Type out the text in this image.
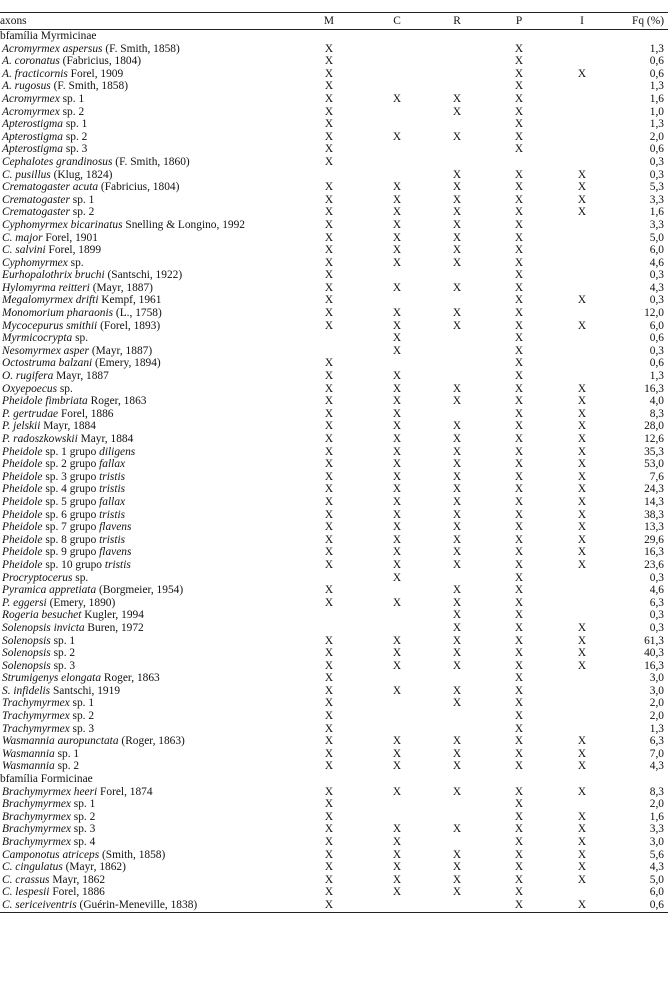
axons	M	C	R	P	I	Fq (%)
bfamília Myrmicinae						
Acromyrmex aspersus (F. Smith, 1858)	X			X		1,3
A. coronatus (Fabricius, 1804)	X			X		0,6
A. fracticornis Forel, 1909	X			X	X	0,6
A. rugosus (F. Smith, 1858)	X			X		1,3
Acromyrmex sp. 1	X	X	X	X		1,6
Acromyrmex sp. 2	X		X	X		1,0
Apterostigma sp. 1	X			X		1,3
Apterostigma sp. 2	X	X	X	X		2,0
Apterostigma sp. 3	X			X		0,6
Cephalotes grandinosus (F. Smith, 1860)	X					0,3
C. pusillus (Klug, 1824)			X	X	X	0,3
Crematogaster acuta (Fabricius, 1804)	X	X	X	X	X	5,3
Crematogaster sp. 1	X	X	X	X	X	3,3
Crematogaster sp. 2	X	X	X	X	X	1,6
Cyphomyrmex bicarinatus Snelling & Longino, 1992	X	X	X	X		3,3
C. major Forel, 1901	X	X	X	X		5,0
C. salvini Forel, 1899	X	X	X	X		6,0
Cyphomyrmex sp.	X	X	X	X		4,6
Eurhopalothrix bruchi (Santschi, 1922)	X			X		0,3
Hylomyrma reitteri (Mayr, 1887)	X	X	X	X		4,3
Megalomyrmex drifti Kempf, 1961	X			X	X	0,3
Monomorium pharaonis (L., 1758)	X	X	X	X		12,0
Mycocepurus smithii (Forel, 1893)	X	X	X	X	X	6,0
Myrmicocrypta sp.		X		X		0,6
Nesomyrmex asper (Mayr, 1887)		X		X		0,3
Octostruma balzani (Emery, 1894)	X			X		0,6
O. rugifera Mayr, 1887	X	X		X		1,3
Oxyepoecus sp.	X	X	X	X	X	16,3
Pheidole fimbriata Roger, 1863	X	X	X	X	X	4,0
P. gertrudae Forel, 1886	X	X		X	X	8,3
P. jelskii Mayr, 1884	X	X	X	X	X	28,0
P. radoszkowskii Mayr, 1884	X	X	X	X	X	12,6
Pheidole sp. 1 grupo diligens	X	X	X	X	X	35,3
Pheidole sp. 2 grupo fallax	X	X	X	X	X	53,0
Pheidole sp. 3 grupo tristis	X	X	X	X	X	7,6
Pheidole sp. 4 grupo tristis	X	X	X	X	X	24,3
Pheidole sp. 5 grupo fallax	X	X	X	X	X	14,3
Pheidole sp. 6 grupo tristis	X	X	X	X	X	38,3
Pheidole sp. 7 grupo flavens	X	X	X	X	X	13,3
Pheidole sp. 8 grupo tristis	X	X	X	X	X	29,6
Pheidole sp. 9 grupo flavens	X	X	X	X	X	16,3
Pheidole sp. 10 grupo tristis	X	X	X	X	X	23,6
Procryptocerus sp.		X		X		0,3
Pyramica appretiata (Borgmeier, 1954)	X		X	X		4,6
P. eggersi (Emery, 1890)	X	X	X	X		6,3
Rogeria besuchet Kugler, 1994			X	X		0,3
Solenopsis invicta Buren, 1972			X	X	X	0,3
Solenopsis sp. 1	X	X	X	X	X	61,3
Solenopsis sp. 2	X	X	X	X	X	40,3
Solenopsis sp. 3	X	X	X	X	X	16,3
Strumigenys elongata Roger, 1863	X			X		3,0
S. infidelis Santschi, 1919	X	X	X	X		3,0
Trachymyrmex sp. 1	X		X	X		2,0
Trachymyrmex sp. 2	X			X		2,0
Trachymyrmex sp. 3	X			X		1,3
Wasmannia auropunctata (Roger, 1863)	X	X	X	X	X	6,3
Wasmannia sp. 1	X	X	X	X	X	7,0
Wasmannia sp. 2	X	X	X	X	X	4,3
bfamília Formicinae						
Brachymyrmex heeri Forel, 1874	X	X	X	X	X	8,3
Brachymyrmex sp. 1	X			X		2,0
Brachymyrmex sp. 2	X			X	X	1,6
Brachymyrmex sp. 3	X	X	X	X	X	3,3
Brachymyrmex sp. 4	X	X		X	X	3,0
Camponotus atriceps (Smith, 1858)	X	X	X	X	X	5,6
C. cingulatus (Mayr, 1862)	X	X	X	X	X	4,3
C. crassus Mayr, 1862	X	X	X	X	X	5,0
C. lespesii Forel, 1886	X	X	X	X		6,0
C. sericeiventris (Guérin-Meneville, 1838)	X			X	X	0,6
